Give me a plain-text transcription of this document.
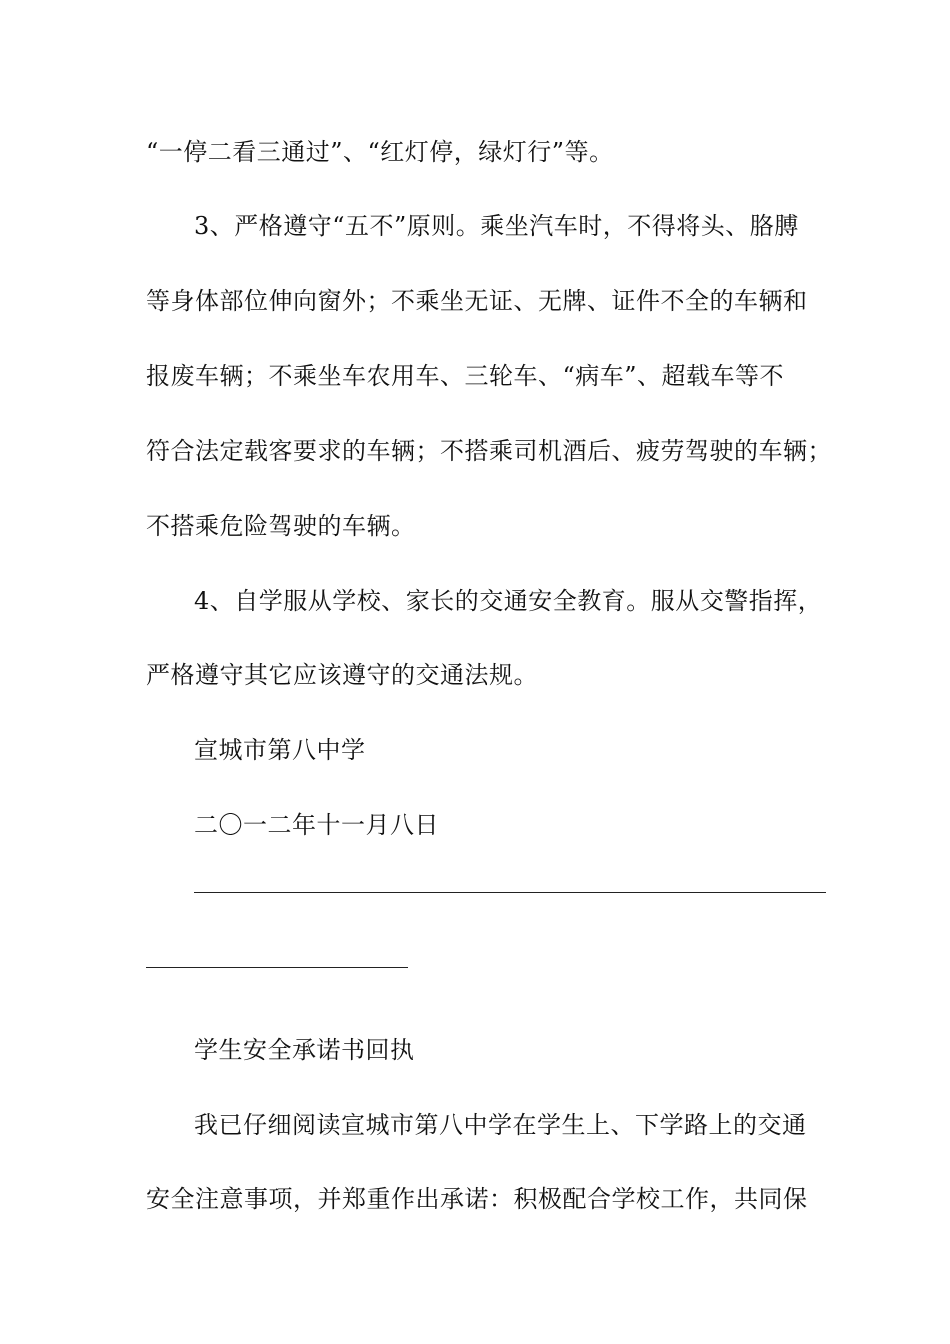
“一停二看三通过”、“红灯停，绿灯行”等。
3、严格遵守“五不”原则。乘坐汽车时，不得将头、胳膊
等身体部位伸向窗外；不乘坐无证、无牌、证件不全的车辆和
报废车辆；不乘坐车农用车、三轮车、“病车”、超载车等不
符合法定载客要求的车辆；不搭乘司机酒后、疲劳驾驶的车辆；
不搭乘危险驾驶的车辆。
4、自学服从学校、家长的交通安全教育。服从交警指挥，
严格遵守其它应该遵守的交通法规。
宣城市第八中学
二〇一二年十一月八日
学生安全承诺书回执
我已仔细阅读宣城市第八中学在学生上、下学路上的交通
安全注意事项，并郑重作出承诺：积极配合学校工作，共同保
